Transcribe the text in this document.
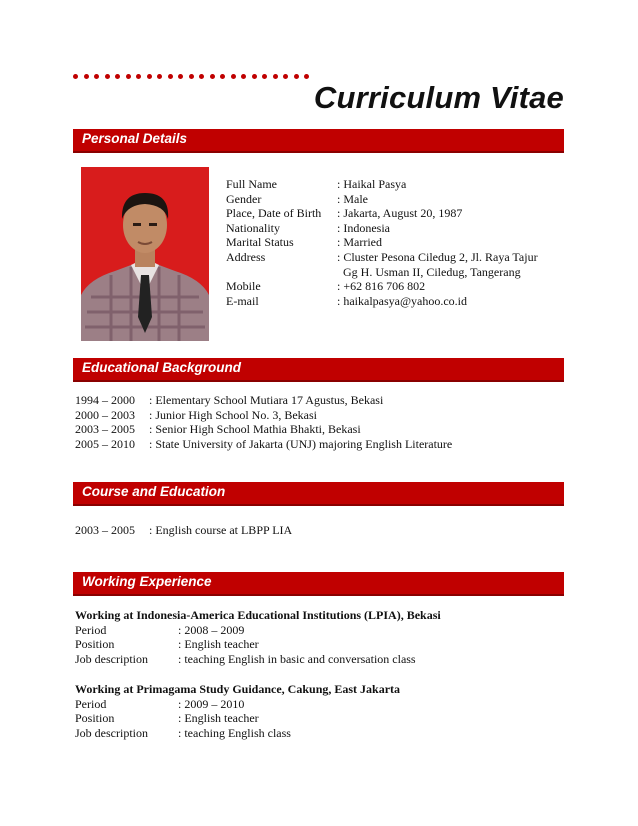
Curriculum Vitae
Personal Details
Full Name	: Haikal Pasya
Gender	: Male
Place, Date of Birth	: Jakarta, August 20, 1987
Nationality	: Indonesia
Marital Status	: Married
Address	: Cluster Pesona Ciledug 2, Jl. Raya Tajur
Gg H. Usman II, Ciledug, Tangerang
Mobile	: +62 816 706 802
E-mail	: haikalpasya@yahoo.co.id
Educational Background
1994 – 2000	: Elementary School Mutiara 17 Agustus, Bekasi
2000 – 2003	: Junior High School No. 3, Bekasi
2003 – 2005	: Senior High School Mathia Bhakti, Bekasi
2005 – 2010	: State University of Jakarta (UNJ) majoring English Literature
Course and Education
2003 – 2005	: English course at LBPP LIA
Working Experience
Working at Indonesia-America Educational Institutions (LPIA), Bekasi
Period	: 2008 – 2009
Position	: English teacher
Job description	: teaching English in basic and conversation class
Working at Primagama Study Guidance, Cakung, East Jakarta
Period	: 2009 – 2010
Position	: English teacher
Job description	: teaching English class
